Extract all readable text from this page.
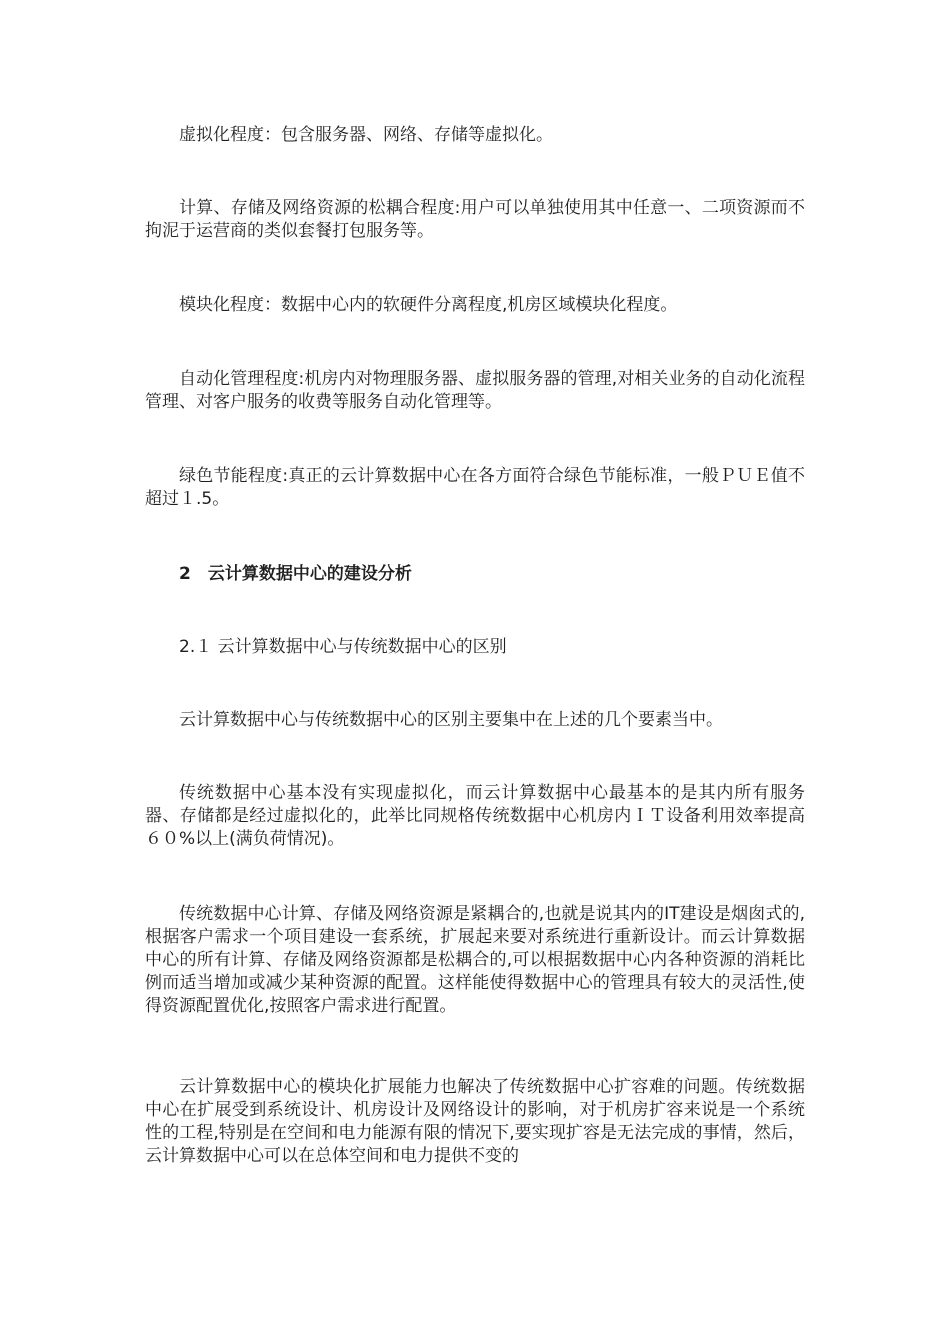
虚拟化程度：包含服务器、网络、存储等虚拟化。

计算、存储及网络资源的松耦合程度:用户可以单独使用其中任意一、二项资源而不拘泥于运营商的类似套餐打包服务等。

模块化程度：数据中心内的软硬件分离程度,机房区域模块化程度。

自动化管理程度:机房内对物理服务器、虚拟服务器的管理,对相关业务的自动化流程管理、对客户服务的收费等服务自动化管理等。

绿色节能程度:真正的云计算数据中心在各方面符合绿色节能标准，一般ＰＵＥ值不超过１.5。

2　云计算数据中心的建设分析

2.１ 云计算数据中心与传统数据中心的区别

云计算数据中心与传统数据中心的区别主要集中在上述的几个要素当中。

传统数据中心基本没有实现虚拟化，而云计算数据中心最基本的是其内所有服务器、存储都是经过虚拟化的，此举比同规格传统数据中心机房内ＩＴ设备利用效率提高６０%以上(满负荷情况)。

传统数据中心计算、存储及网络资源是紧耦合的,也就是说其内的IT建设是烟囱式的,根据客户需求一个项目建设一套系统，扩展起来要对系统进行重新设计。而云计算数据中心的所有计算、存储及网络资源都是松耦合的,可以根据数据中心内各种资源的消耗比例而适当增加或减少某种资源的配置。这样能使得数据中心的管理具有较大的灵活性,使得资源配置优化,按照客户需求进行配置。

云计算数据中心的模块化扩展能力也解决了传统数据中心扩容难的问题。传统数据中心在扩展受到系统设计、机房设计及网络设计的影响，对于机房扩容来说是一个系统性的工程,特别是在空间和电力能源有限的情况下,要实现扩容是无法完成的事情，然后，云计算数据中心可以在总体空间和电力提供不变的
